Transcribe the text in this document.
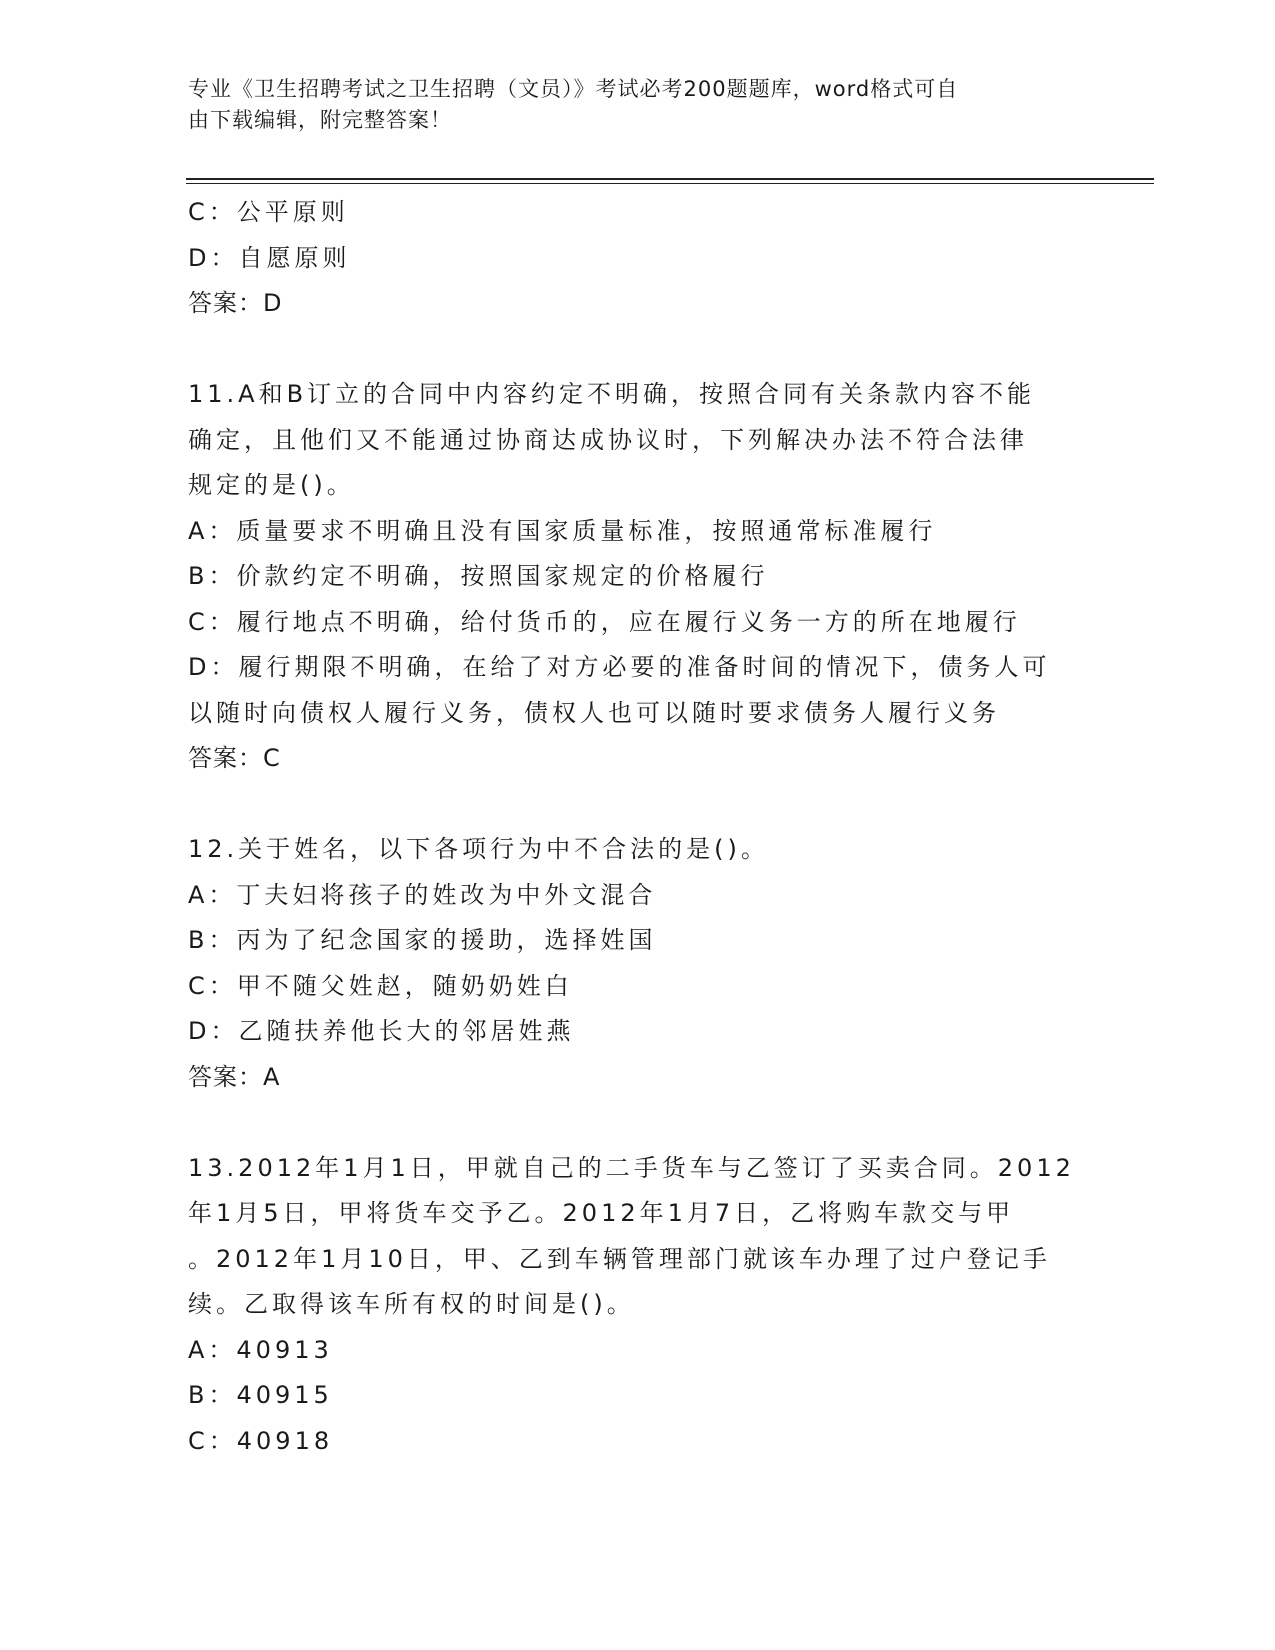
专业《卫生招聘考试之卫生招聘（文员）》考试必考200题题库，word格式可自
由下载编辑，附完整答案！
C：公平原则
D：自愿原则
答案：D
11.A和B订立的合同中内容约定不明确，按照合同有关条款内容不能
确定，且他们又不能通过协商达成协议时，下列解决办法不符合法律
规定的是()。
A：质量要求不明确且没有国家质量标准，按照通常标准履行
B：价款约定不明确，按照国家规定的价格履行
C：履行地点不明确，给付货币的，应在履行义务一方的所在地履行
D：履行期限不明确，在给了对方必要的准备时间的情况下，债务人可
以随时向债权人履行义务，债权人也可以随时要求债务人履行义务
答案：C
12.关于姓名，以下各项行为中不合法的是()。
A：丁夫妇将孩子的姓改为中外文混合
B：丙为了纪念国家的援助，选择姓国
C：甲不随父姓赵，随奶奶姓白
D：乙随扶养他长大的邻居姓燕
答案：A
13.2012年1月1日，甲就自己的二手货车与乙签订了买卖合同。2012
年1月5日，甲将货车交予乙。2012年1月7日，乙将购车款交与甲
。2012年1月10日，甲、乙到车辆管理部门就该车办理了过户登记手
续。乙取得该车所有权的时间是()。
A：40913
B：40915
C：40918
